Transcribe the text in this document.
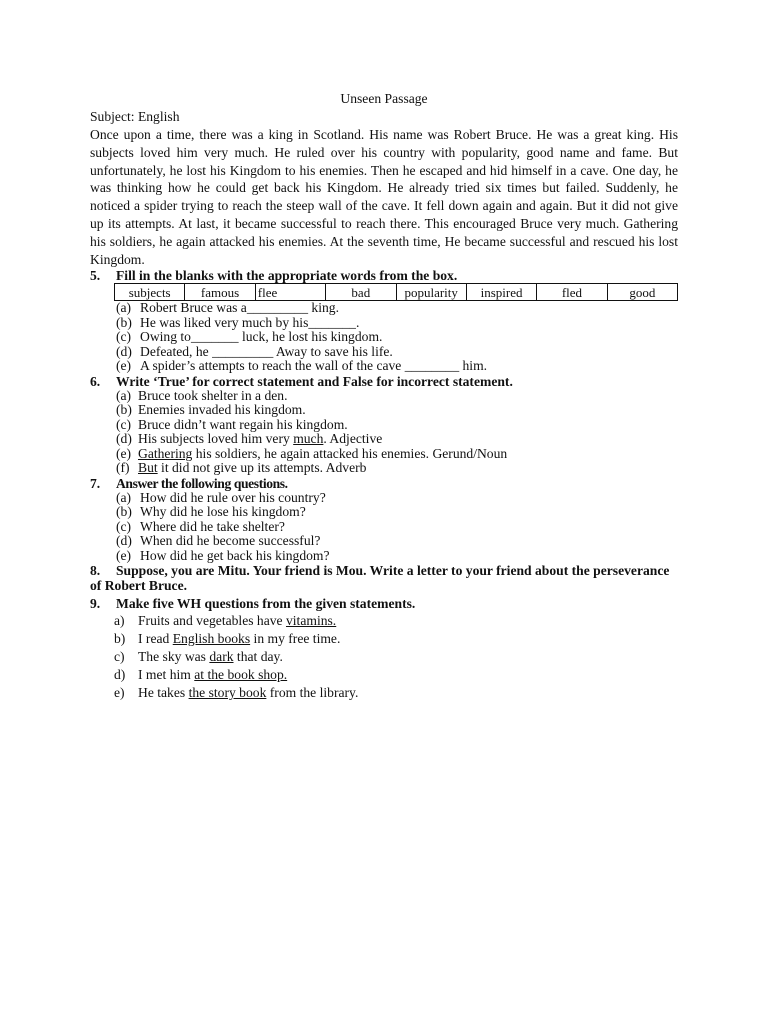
Unseen Passage
Subject: English

Once upon a time, there was a king in Scotland. His name was Robert Bruce. He was a great king. His subjects loved him very much. He ruled over his country with popularity, good name and fame. But unfortunately, he lost his Kingdom to his enemies. Then he escaped and hid himself in a cave. One day, he was thinking how he could get back his Kingdom. He already tried six times but failed. Suddenly, he noticed a spider trying to reach the steep wall of the cave. It fell down again and again. But it did not give up its attempts. At last, it became successful to reach there. This encouraged Bruce very much. Gathering his soldiers, he again attacked his enemies. At the seventh time, He became successful and rescued his lost Kingdom.

5.	Fill in the blanks with the appropriate words from the box.
subjects	famous	flee	bad	popularity	inspired	fled	good
(a) Robert Bruce was a_________ king.
(b) He was liked very much by his_______.
(c) Owing to_______ luck, he lost his kingdom.
(d) Defeated, he _________ Away to save his life.
(e) A spider’s attempts to reach the wall of the cave ________ him.
6.	Write ‘True’ for correct statement and False for incorrect statement.
(a) Bruce took shelter in a den.
(b) Enemies invaded his kingdom.
(c) Bruce didn’t want regain his kingdom.
(d) His subjects loved him very much. Adjective
(e) Gathering his soldiers, he again attacked his enemies. Gerund/Noun
(f) But it did not give up its attempts. Adverb
7.	Answer the following questions.
(a) How did he rule over his country?
(b) Why did he lose his kingdom?
(c) Where did he take shelter?
(d) When did he become successful?
(e) How did he get back his kingdom?
8. Suppose, you are Mitu. Your friend is Mou. Write a letter to your friend about the perseverance of Robert Bruce.
9.	Make five WH questions from the given statements.
a) Fruits and vegetables have vitamins.
b) I read English books in my free time.
c) The sky was dark that day.
d) I met him at the book shop.
e) He takes the story book from the library.
